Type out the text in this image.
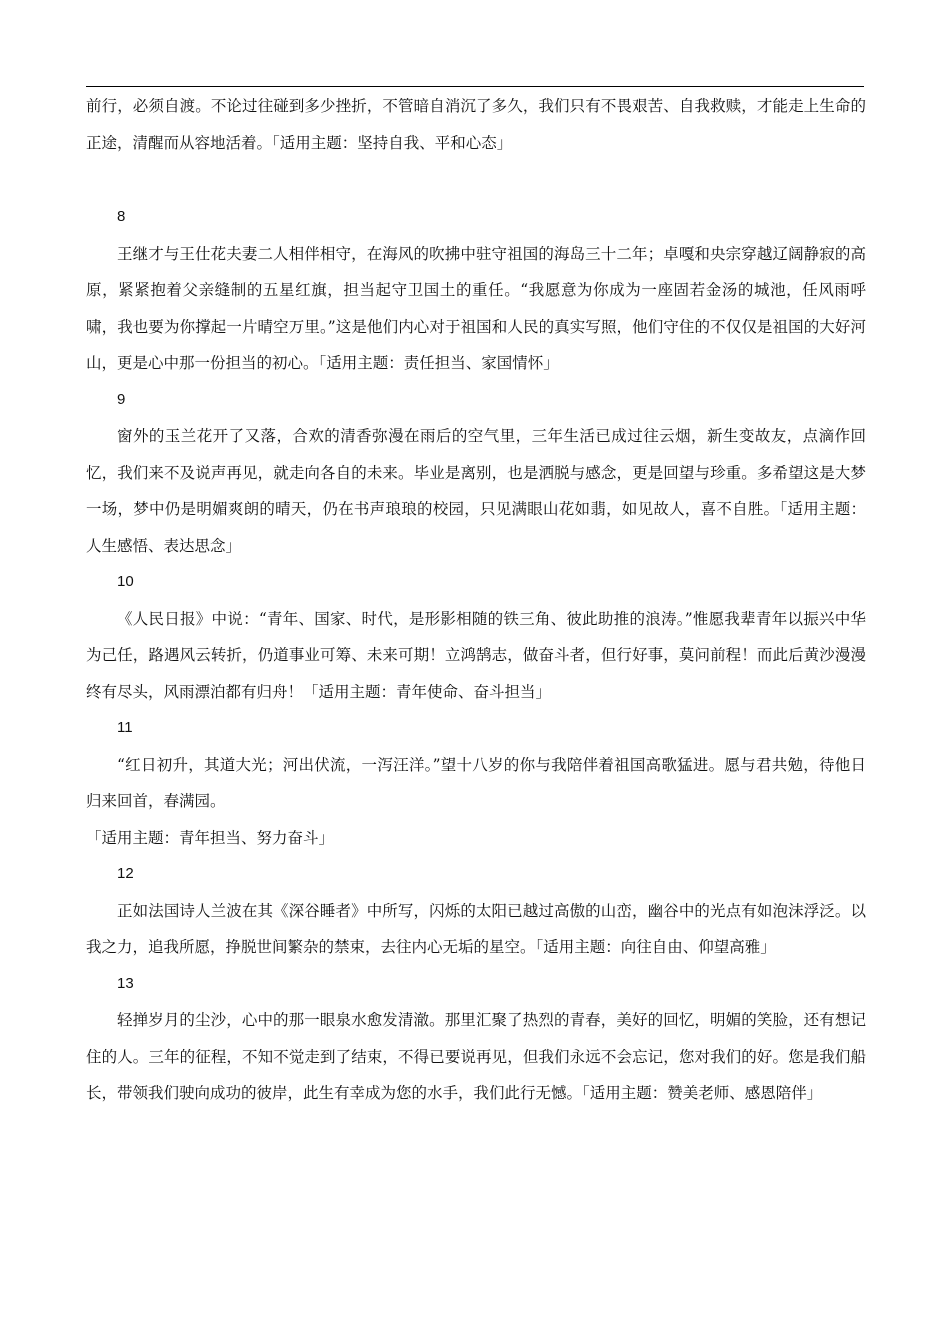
前行，必须自渡。不论过往碰到多少挫折，不管暗自消沉了多久，我们只有不畏艰苦、自我救赎，才能走上生命的正途，清醒而从容地活着。「适用主题：坚持自我、平和心态」

8

王继才与王仕花夫妻二人相伴相守，在海风的吹拂中驻守祖国的海岛三十二年；卓嘎和央宗穿越辽阔静寂的高原，紧紧抱着父亲缝制的五星红旗，担当起守卫国土的重任。“我愿意为你成为一座固若金汤的城池，任风雨呼啸，我也要为你撑起一片晴空万里。”这是他们内心对于祖国和人民的真实写照，他们守住的不仅仅是祖国的大好河山，更是心中那一份担当的初心。「适用主题：责任担当、家国情怀」

9

窗外的玉兰花开了又落，合欢的清香弥漫在雨后的空气里，三年生活已成过往云烟，新生变故友，点滴作回忆，我们来不及说声再见，就走向各自的未来。毕业是离别，也是洒脱与感念，更是回望与珍重。多希望这是大梦一场，梦中仍是明媚爽朗的晴天，仍在书声琅琅的校园，只见满眼山花如翡，如见故人，喜不自胜。「适用主题：人生感悟、表达思念」

10

《人民日报》中说：“青年、国家、时代，是形影相随的铁三角、彼此助推的浪涛。”惟愿我辈青年以振兴中华为己任，路遇风云转折，仍道事业可筹、未来可期！立鸿鹄志，做奋斗者，但行好事，莫问前程！而此后黄沙漫漫终有尽头，风雨漂泊都有归舟！「适用主题：青年使命、奋斗担当」

11

“红日初升，其道大光；河出伏流，一泻汪洋。”望十八岁的你与我陪伴着祖国高歌猛进。愿与君共勉，待他日归来回首，春满园。

「适用主题：青年担当、努力奋斗」

12

正如法国诗人兰波在其《深谷睡者》中所写，闪烁的太阳已越过高傲的山峦，幽谷中的光点有如泡沫浮泛。以我之力，追我所愿，挣脱世间繁杂的禁束，去往内心无垢的星空。「适用主题：向往自由、仰望高雅」

13

轻掸岁月的尘沙，心中的那一眼泉水愈发清澈。那里汇聚了热烈的青春，美好的回忆，明媚的笑脸，还有想记住的人。三年的征程，不知不觉走到了结束，不得已要说再见，但我们永远不会忘记，您对我们的好。您是我们船长，带领我们驶向成功的彼岸，此生有幸成为您的水手，我们此行无憾。「适用主题：赞美老师、感恩陪伴」
